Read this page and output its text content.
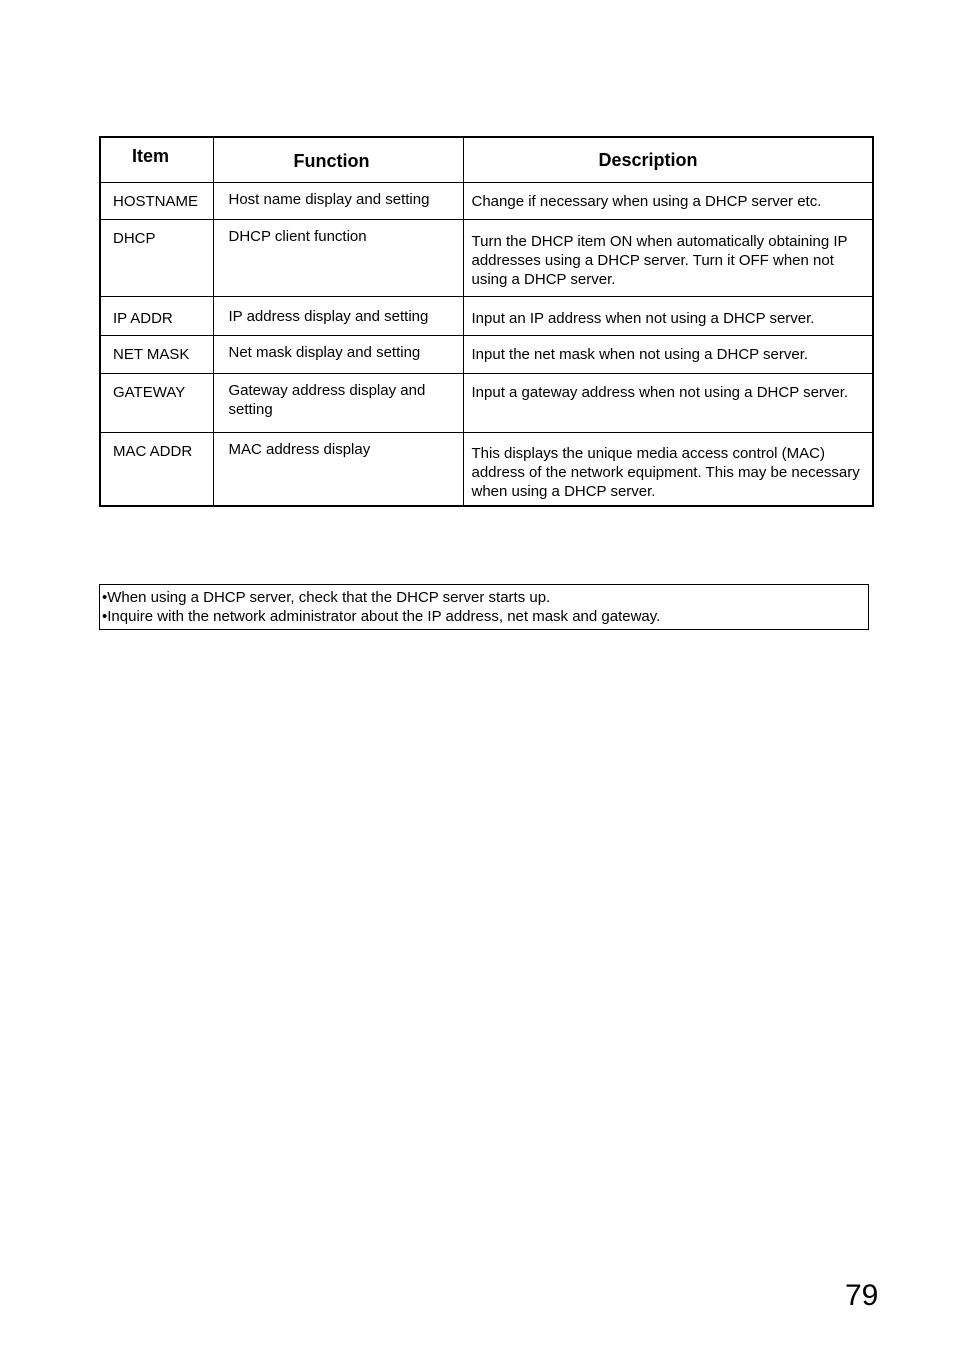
Item	Function	Description
HOSTNAME	Host name display and setting	Change if necessary when using a DHCP server etc.
DHCP	DHCP client function	Turn the DHCP item ON when automatically obtaining IP addresses using a DHCP server. Turn it OFF when not using a DHCP server.
IP ADDR	IP address display and setting	Input an IP address when not using a DHCP server.
NET MASK	Net mask display and setting	Input the net mask when not using a DHCP server.
GATEWAY	Gateway address display and setting	Input a gateway address when not using a DHCP server.
MAC ADDR	MAC address display	This displays the unique media access control (MAC) address of the network equipment. This may be necessary when using a DHCP server.
•When using a DHCP server, check that the DHCP server starts up.
•Inquire with the network administrator about the IP address, net mask and gateway.
79
